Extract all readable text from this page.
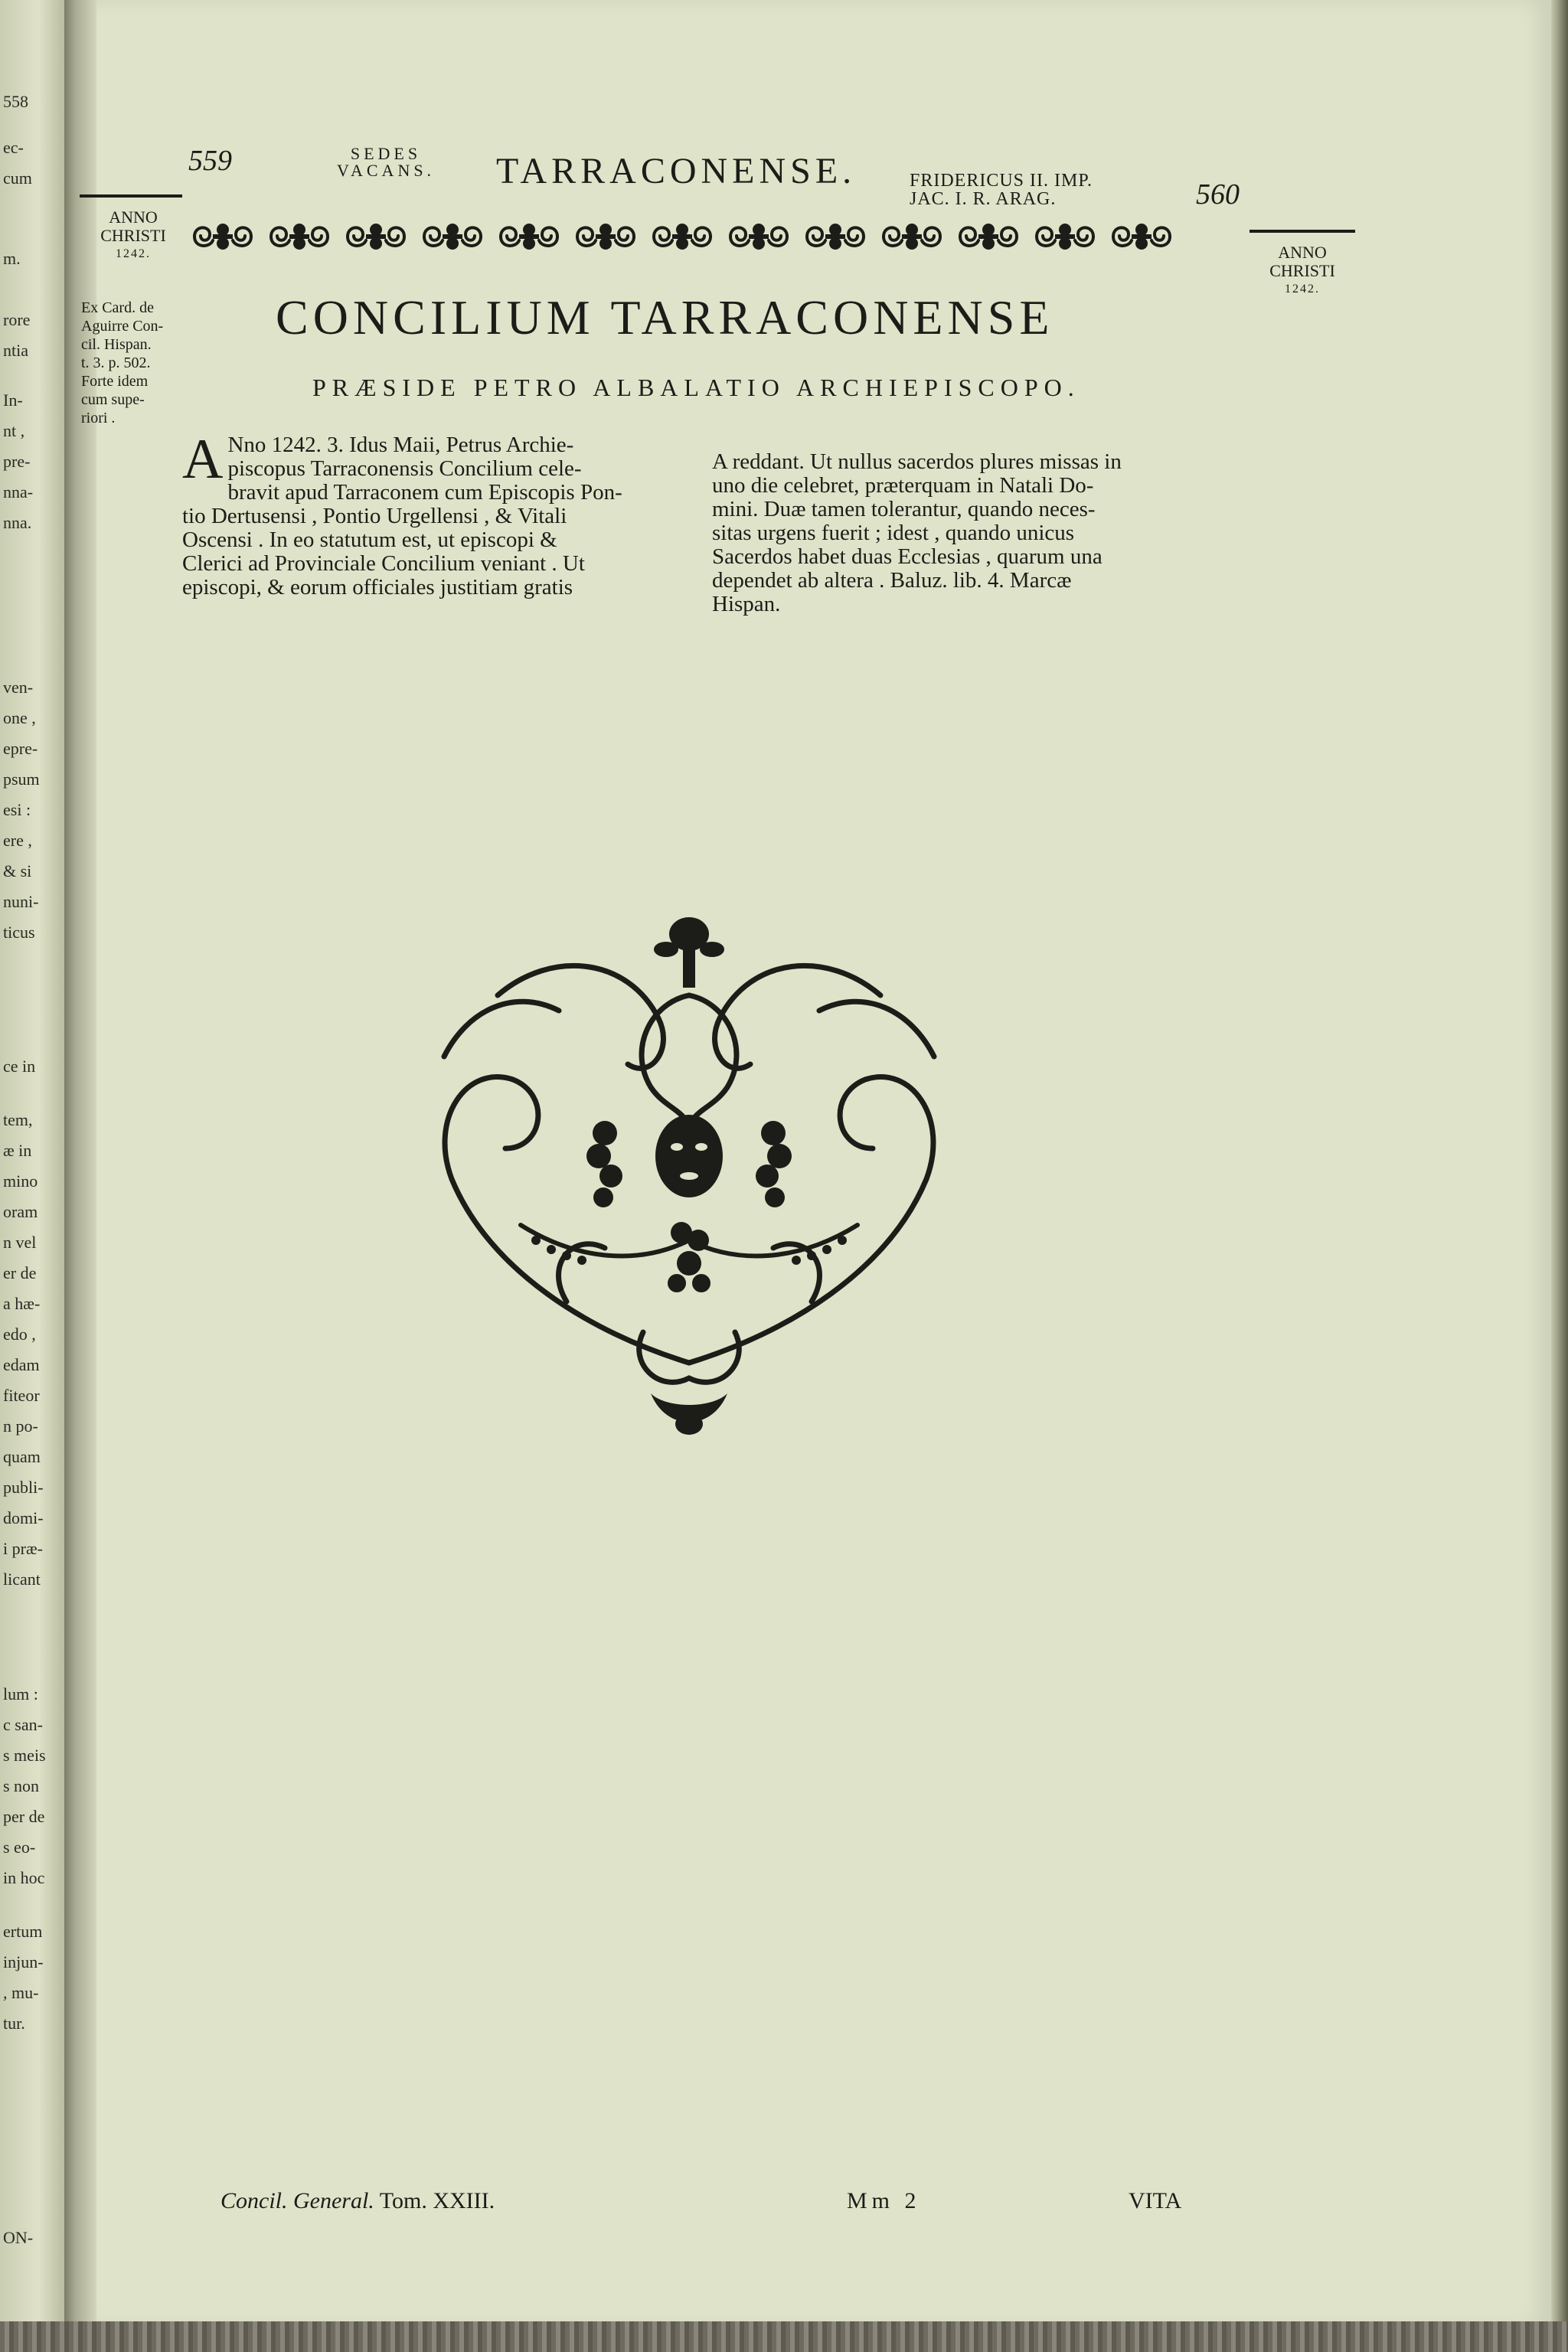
558
ec-
cum
m.
rore
ntia
In-
nt ,
pre-
nna-
nna.
ven-
one ,
epre-
psum
esi :
ere ,
& si
nuni-
ticus
ce in
tem,
æ in
mino
oram
n vel
er de
a hæ-
edo ,
edam
fiteor
n po-
quam
publi-
domi-
i præ-
licant
lum :
c san-
s meis
s non
per de
s eo-
in hoc
ertum
injun-
, mu-
tur.
ON-
559	SEDES
VACANS.	TARRACONENSE.	FRIDERICUS II. IMP.
JAC. I. R. ARAG.	560
ANNO
CHRISTI
1242.	ANNO
CHRISTI
1242.
Ex Card. de
Aguirre Con-
cil. Hispan.
t. 3. p. 502.
Forte idem
cum supe-
riori .
CONCILIUM TARRACONENSE
PRÆSIDE PETRO ALBALATIO ARCHIEPISCOPO.
A Nno 1242. 3. Idus Maii, Petrus Archie-
piscopus Tarraconensis Concilium cele-
bravit apud Tarraconem cum Episcopis Pon-
tio Dertusensi , Pontio Urgellensi , & Vitali
Oscensi . In eo statutum est, ut episcopi &
Clerici ad Provinciale Concilium veniant . Ut
episcopi, & eorum officiales justitiam gratis
A reddant. Ut nullus sacerdos plures missas in
uno die celebret, præterquam in Natali Do-
mini. Duæ tamen tolerantur, quando neces-
sitas urgens fuerit ; idest , quando unicus
Sacerdos habet duas Ecclesias , quarum una
dependet ab altera . Baluz. lib. 4. Marcæ
Hispan.
Concil. General. Tom. XXIII.	Mm 2	VITA
